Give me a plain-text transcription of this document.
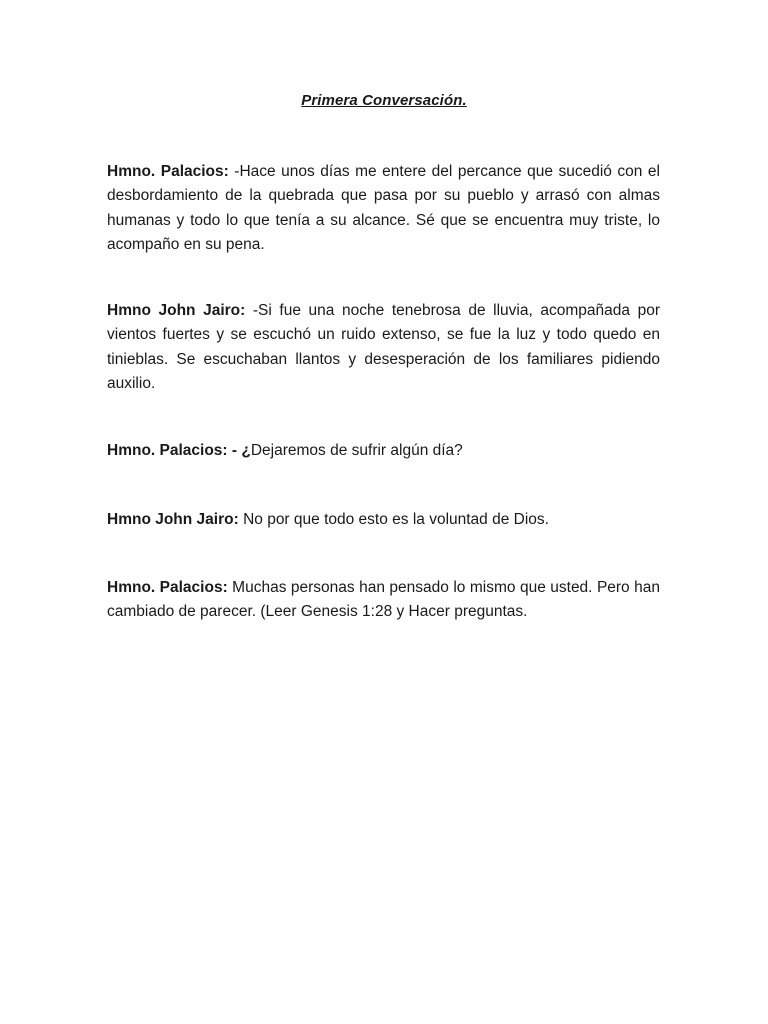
Primera Conversación.

Hmno. Palacios: -Hace unos días me entere del percance que sucedió con el desbordamiento de la quebrada que pasa por su pueblo y arrasó con almas humanas y todo lo que tenía a su alcance. Sé que se encuentra muy triste, lo acompaño en su pena.

Hmno John Jairo: -Si fue una noche tenebrosa de lluvia, acompañada por vientos fuertes y se escuchó un ruido extenso, se fue la luz y todo quedo en tinieblas. Se escuchaban llantos y desesperación de los familiares pidiendo auxilio.

Hmno. Palacios: - ¿Dejaremos de sufrir algún día?

Hmno John Jairo: No por que todo esto es la voluntad de Dios.

Hmno. Palacios: Muchas personas han pensado lo mismo que usted. Pero han cambiado de parecer. (Leer Genesis 1:28 y Hacer preguntas.
